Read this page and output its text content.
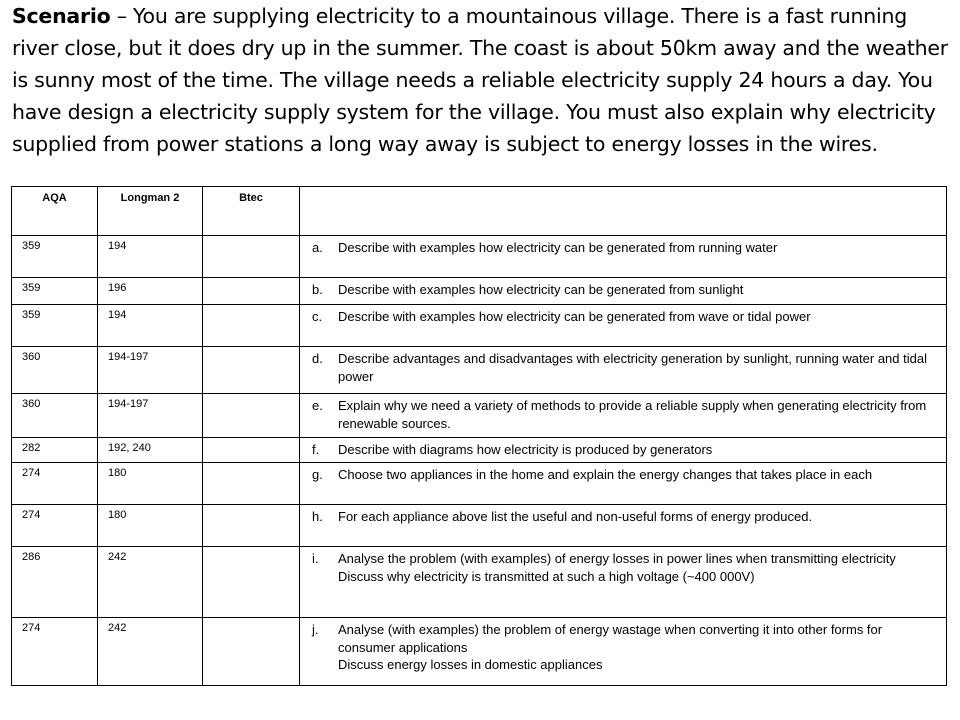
Scenario – You are supplying electricity to a mountainous village. There is a fast running river close, but it does dry up in the summer. The coast is about 50km away and the weather is sunny most of the time. The village needs a reliable electricity supply 24 hours a day. You have design a electricity supply system for the village. You must also explain why electricity supplied from power stations a long way away is subject to energy losses in the wires.
AQA	Longman 2	Btec	

359	194		a. Describe with examples how electricity can be generated from running water

359	196		b. Describe with examples how electricity can be generated from sunlight

359	194		c. Describe with examples how electricity can be generated from wave or tidal power

360	194-197		d. Describe advantages and disadvantages with electricity generation by sunlight, running water and tidal power

360	194-197		e. Explain why we need a variety of methods to provide a reliable supply when generating electricity from renewable sources.

282	192, 240		f. Describe with diagrams how electricity is produced by generators

274	180		g. Choose two appliances in the home and explain the energy changes that takes place in each

274	180		h. For each appliance above list the useful and non-useful forms of energy produced.

286	242		i. Analyse the problem (with examples) of energy losses in power lines when transmitting electricity
Discuss why electricity is transmitted at such a high voltage (~400 000V)

274	242		j. Analyse (with examples) the problem of energy wastage when converting it into other forms for consumer applications
Discuss energy losses in domestic appliances
